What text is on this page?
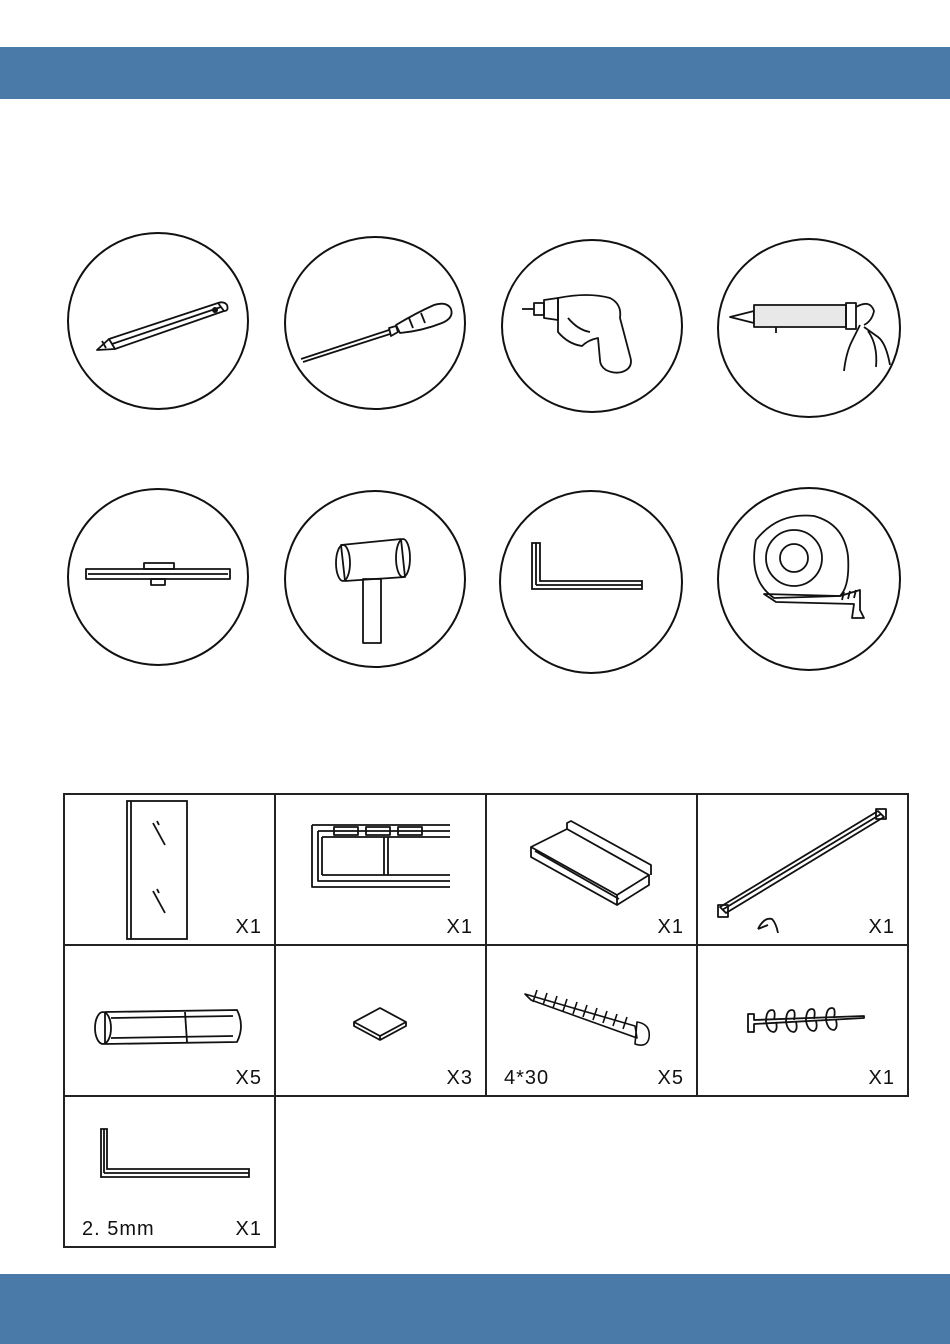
X1	X1	X1	X1

X5	X3	4*30 X5	X1

2. 5mm X1			
